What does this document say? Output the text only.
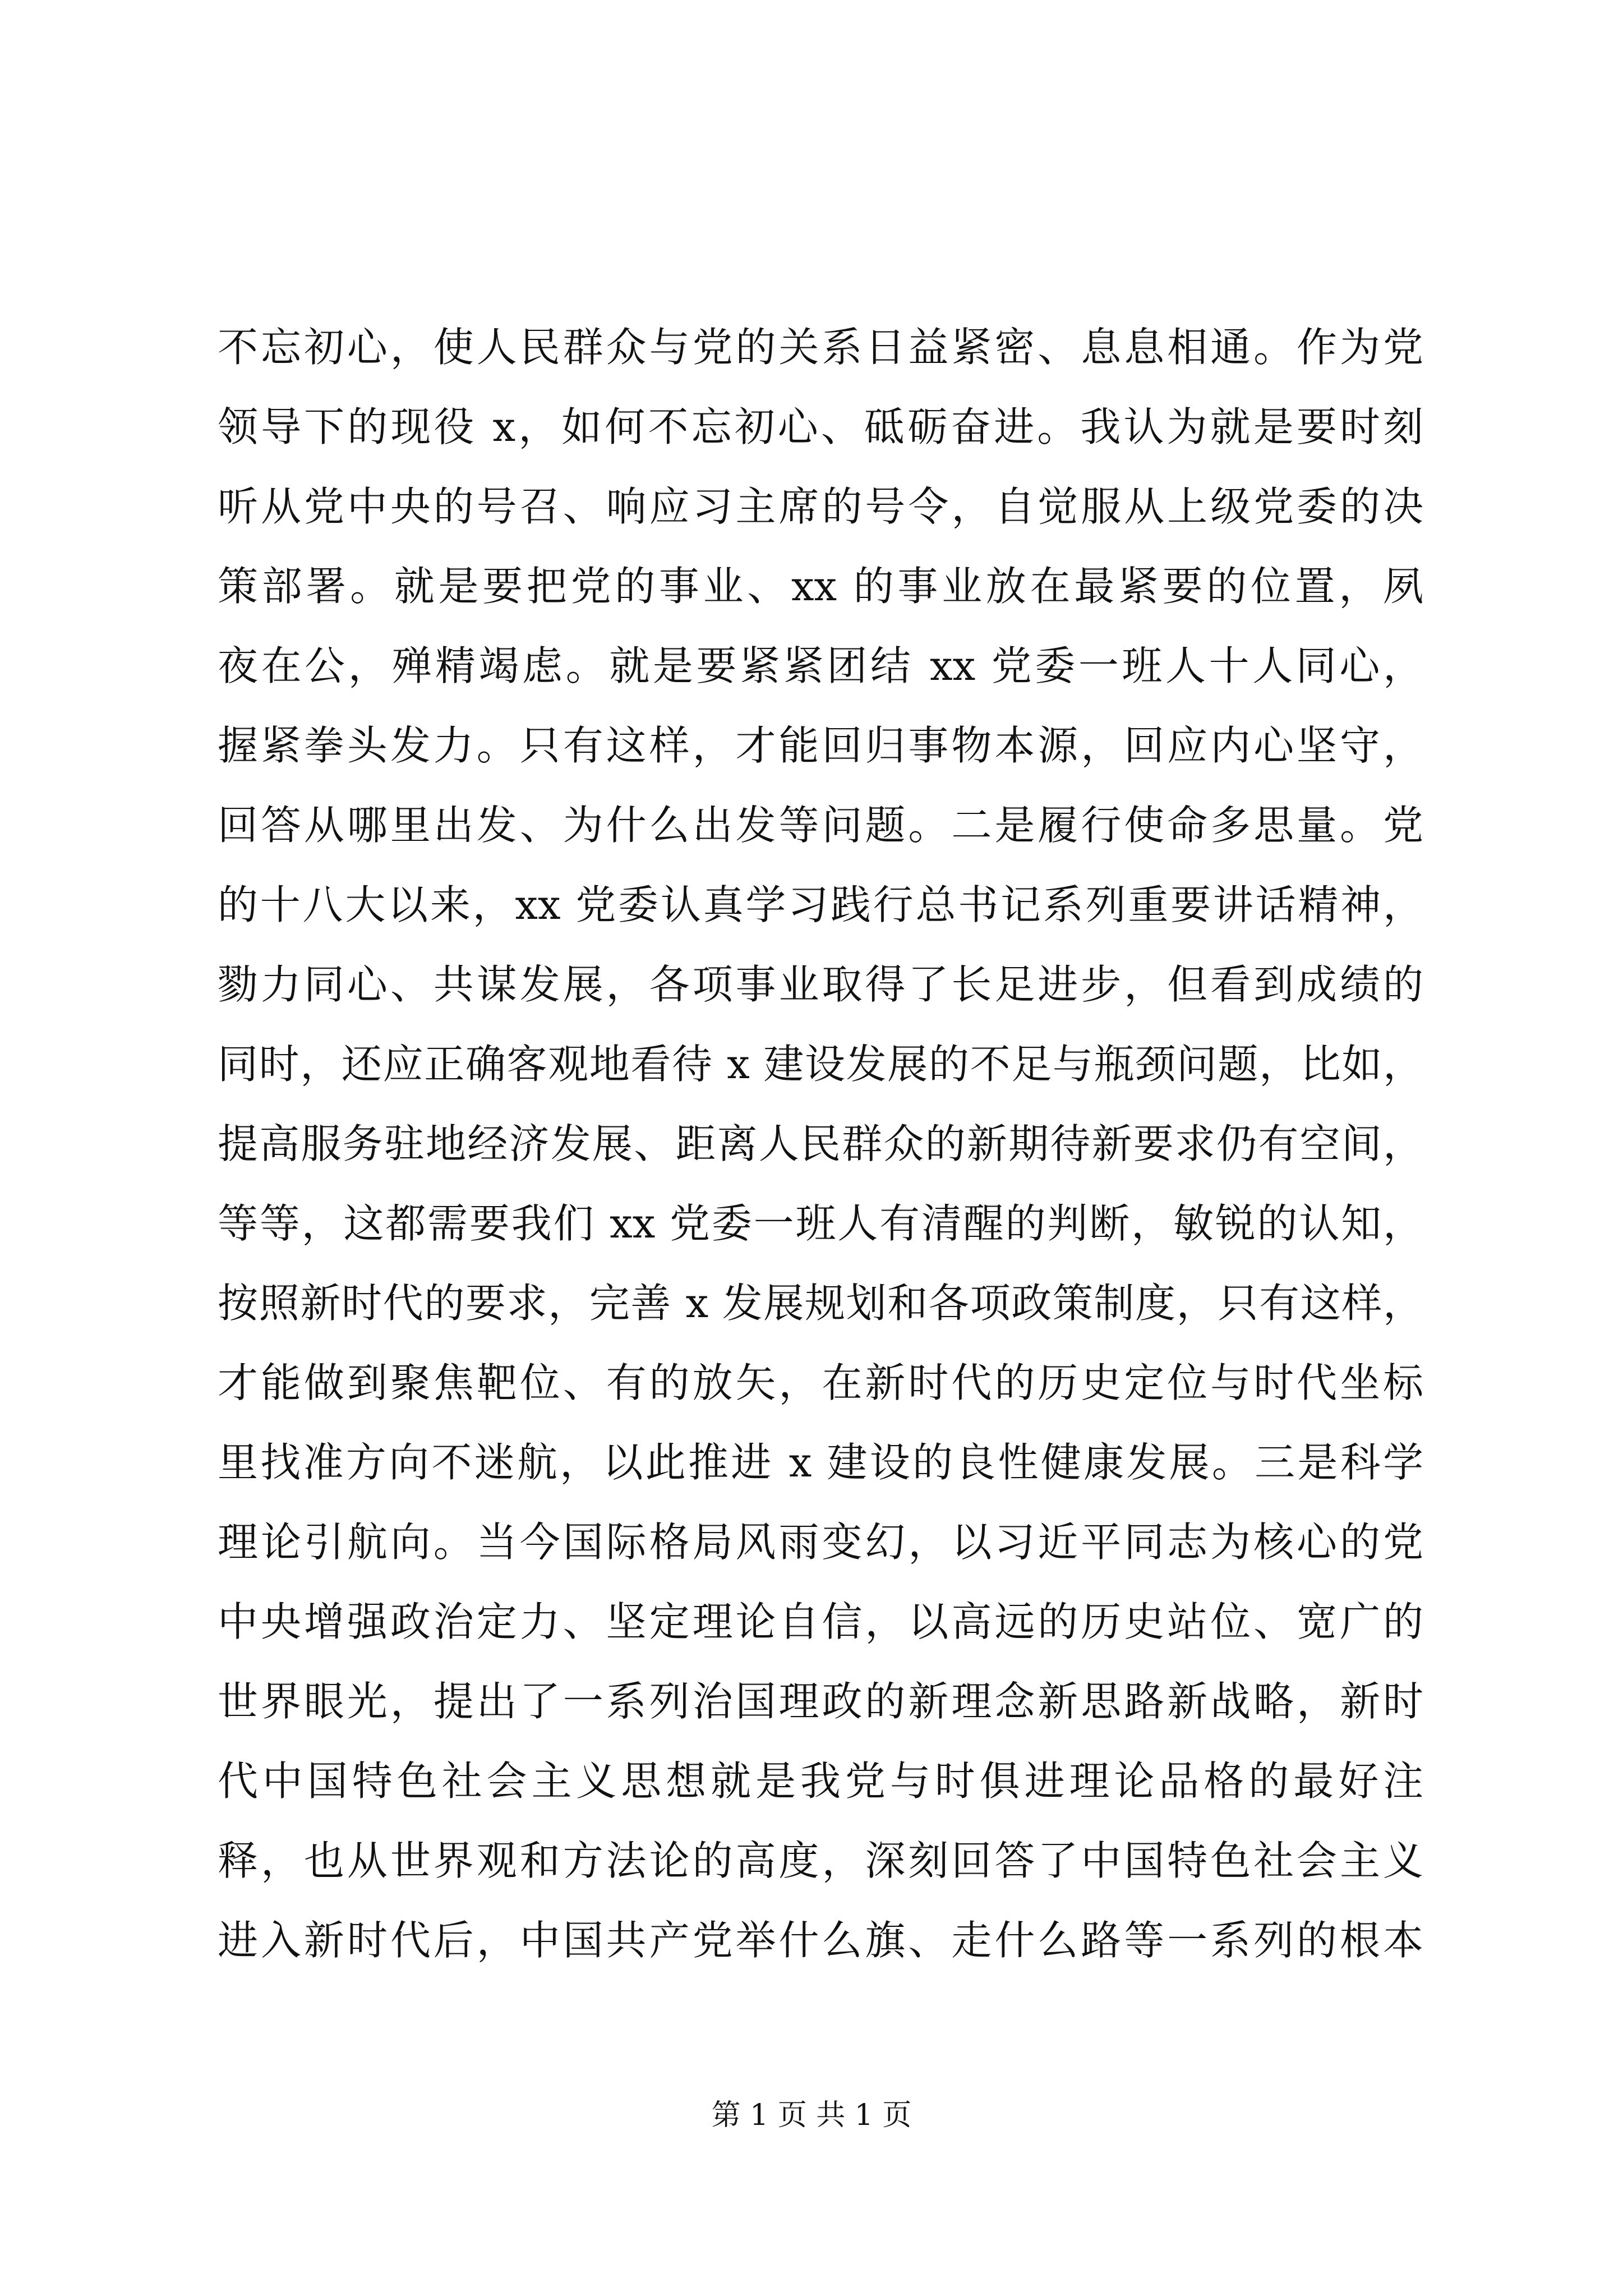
不忘初心，使人民群众与党的关系日益紧密、息息相通。作为党
领导下的现役 x，如何不忘初心、砥砺奋进。我认为就是要时刻
听从党中央的号召、响应习主席的号令，自觉服从上级党委的决
策部署。就是要把党的事业、xx 的事业放在最紧要的位置，夙
夜在公，殚精竭虑。就是要紧紧团结 xx 党委一班人十人同心，
握紧拳头发力。只有这样，才能回归事物本源，回应内心坚守，
回答从哪里出发、为什么出发等问题。二是履行使命多思量。党
的十八大以来，xx 党委认真学习践行总书记系列重要讲话精神，
勠力同心、共谋发展，各项事业取得了长足进步，但看到成绩的
同时，还应正确客观地看待 x 建设发展的不足与瓶颈问题，比如，
提高服务驻地经济发展、距离人民群众的新期待新要求仍有空间，
等等，这都需要我们 xx 党委一班人有清醒的判断，敏锐的认知，
按照新时代的要求，完善 x 发展规划和各项政策制度，只有这样，
才能做到聚焦靶位、有的放矢，在新时代的历史定位与时代坐标
里找准方向不迷航，以此推进 x 建设的良性健康发展。三是科学
理论引航向。当今国际格局风雨变幻，以习近平同志为核心的党
中央增强政治定力、坚定理论自信，以高远的历史站位、宽广的
世界眼光，提出了一系列治国理政的新理念新思路新战略，新时
代中国特色社会主义思想就是我党与时俱进理论品格的最好注
释，也从世界观和方法论的高度，深刻回答了中国特色社会主义
进入新时代后，中国共产党举什么旗、走什么路等一系列的根本
第 1 页 共 1 页
